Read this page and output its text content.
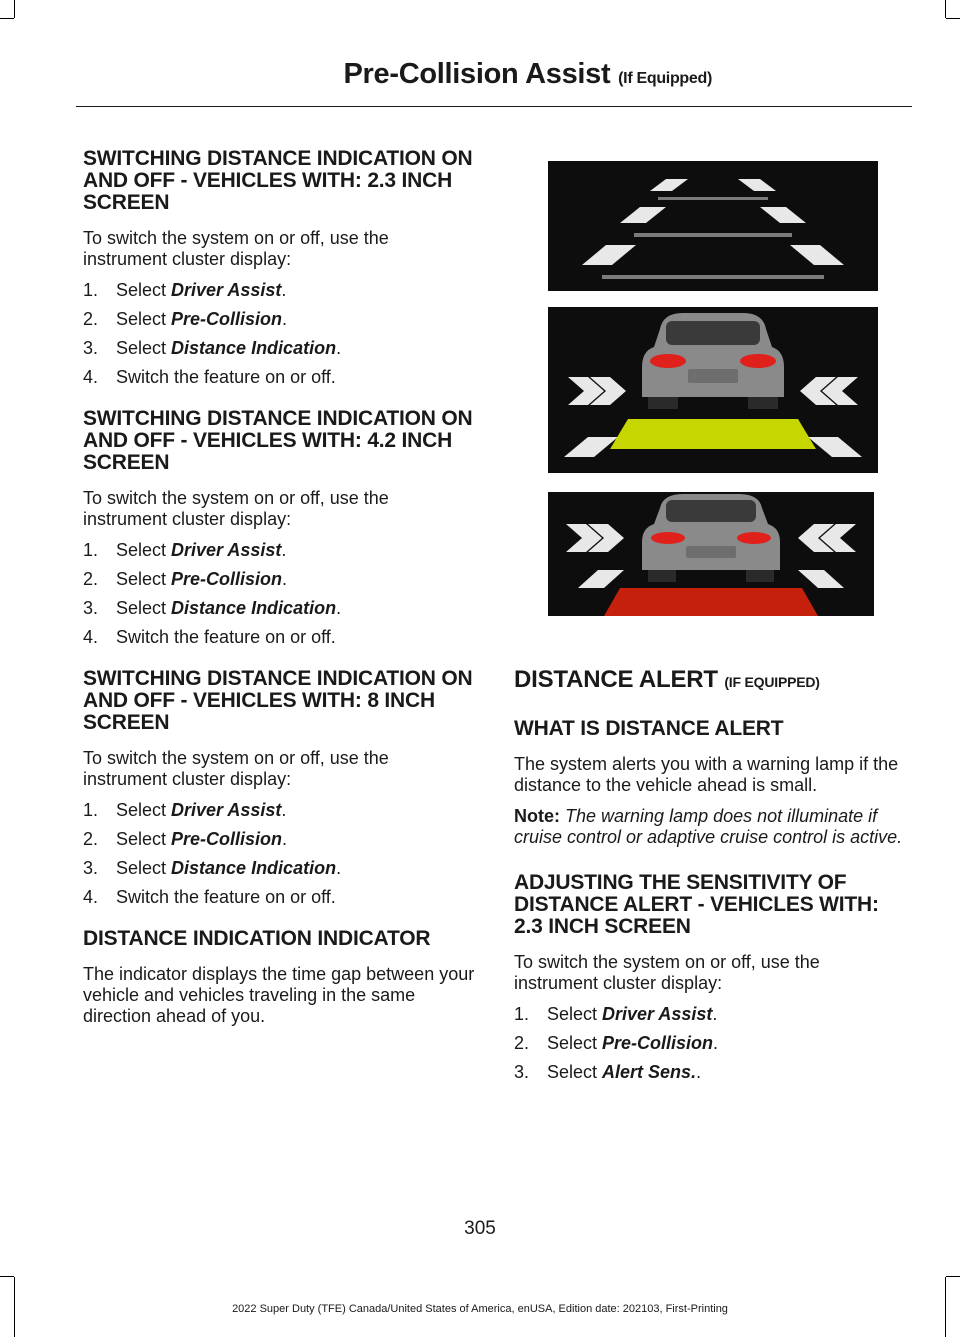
Pre-Collision Assist (If Equipped)
SWITCHING DISTANCE INDICATION ON AND OFF - VEHICLES WITH: 2.3 INCH SCREEN

To switch the system on or off, use the instrument cluster display:

1. Select Driver Assist.
2. Select Pre-Collision.
3. Select Distance Indication.
4. Switch the feature on or off.
SWITCHING DISTANCE INDICATION ON AND OFF - VEHICLES WITH: 4.2 INCH SCREEN

To switch the system on or off, use the instrument cluster display:

1. Select Driver Assist.
2. Select Pre-Collision.
3. Select Distance Indication.
4. Switch the feature on or off.
SWITCHING DISTANCE INDICATION ON AND OFF - VEHICLES WITH: 8 INCH SCREEN

To switch the system on or off, use the instrument cluster display:

1. Select Driver Assist.
2. Select Pre-Collision.
3. Select Distance Indication.
4. Switch the feature on or off.
DISTANCE INDICATION INDICATOR

The indicator displays the time gap between your vehicle and vehicles traveling in the same direction ahead of you.

DISTANCE ALERT (IF EQUIPPED)
WHAT IS DISTANCE ALERT

The system alerts you with a warning lamp if the distance to the vehicle ahead is small.

Note: The warning lamp does not illuminate if cruise control or adaptive cruise control is active.

ADJUSTING THE SENSITIVITY OF DISTANCE ALERT - VEHICLES WITH: 2.3 INCH SCREEN

To switch the system on or off, use the instrument cluster display:

1. Select Driver Assist.
2. Select Pre-Collision.
3. Select Alert Sens..
305
2022 Super Duty (TFE) Canada/United States of America, enUSA, Edition date: 202103, First-Printing
